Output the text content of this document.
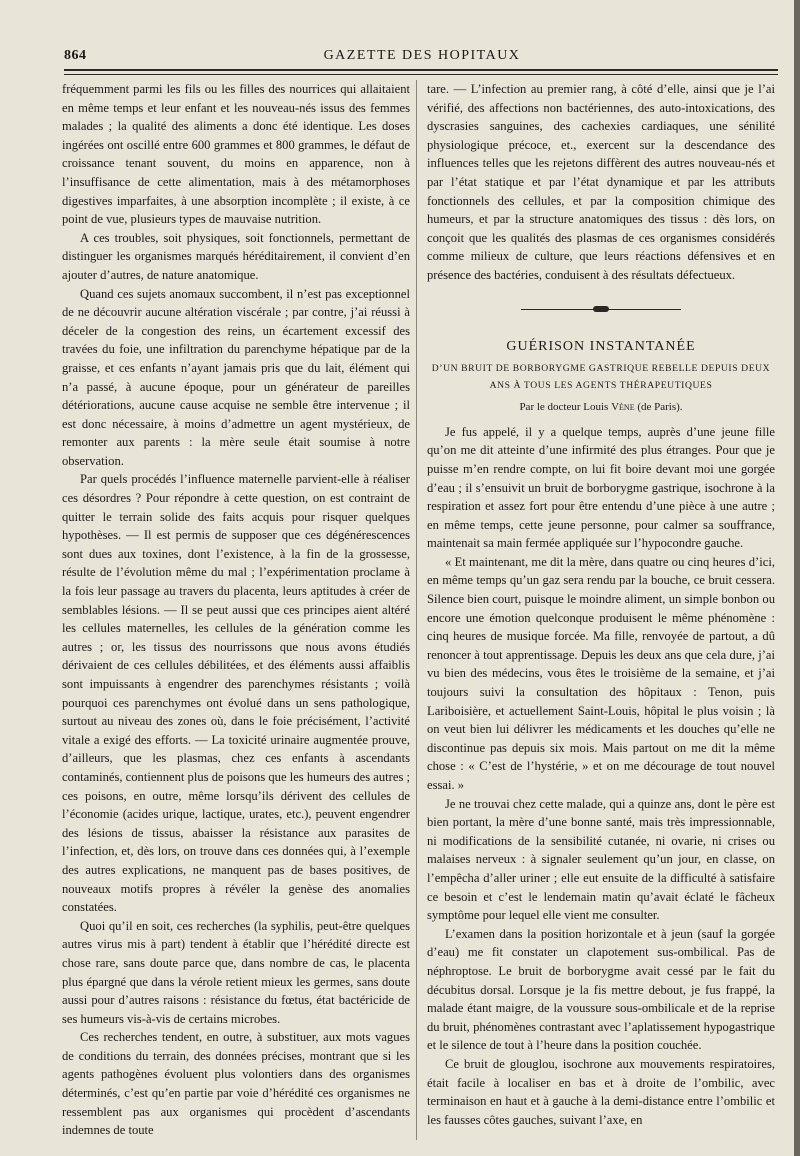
864	GAZETTE DES HOPITAUX

fréquemment parmi les fils ou les filles des nourrices qui allaitaient en même temps et leur enfant et les nouveau-nés issus des femmes malades ; la qualité des aliments a donc été identique. Les doses ingérées ont oscillé entre 600 grammes et 800 grammes, le défaut de croissance tenant souvent, du moins en apparence, non à l’insuffisance de cette alimentation, mais à des métamorphoses digestives imparfaites, à une absorption incomplète ; il existe, à ce point de vue, plusieurs types de mauvaise nutrition.

A ces troubles, soit physiques, soit fonctionnels, permettant de distinguer les organismes marqués héréditairement, il convient d’en ajouter d’autres, de nature anatomique.

Quand ces sujets anomaux succombent, il n’est pas exceptionnel de ne découvrir aucune altération viscérale ; par contre, j’ai réussi à déceler de la congestion des reins, un écartement excessif des travées du foie, une infiltration du parenchyme hépatique par de la graisse, et ces enfants n’ayant jamais pris que du lait, élément qui n’a passé, à aucune époque, pour un générateur de pareilles détériorations, aucune cause acquise ne semble être intervenue ; il est donc nécessaire, à moins d’admettre un agent mystérieux, de remonter aux parents : la mère seule était soumise à notre observation.

Par quels procédés l’influence maternelle parvient-elle à réaliser ces désordres ? Pour répondre à cette question, on est contraint de quitter le terrain solide des faits acquis pour risquer quelques hypothèses. — Il est permis de supposer que ces dégénérescences sont dues aux toxines, dont l’existence, à la fin de la grossesse, résulte de l’évolution même du mal ; l’expérimentation proclame à la fois leur passage au travers du placenta, leurs aptitudes à créer de semblables lésions. — Il se peut aussi que ces principes aient altéré les cellules maternelles, les cellules de la génération comme les autres ; or, les tissus des nourrissons que nous avons étudiés dérivaient de ces cellules débilitées, et des éléments aussi affaiblis sont impuissants à engendrer des parenchymes résistants ; voilà pourquoi ces parenchymes ont évolué dans un sens pathologique, surtout au niveau des zones où, dans le foie précisément, l’activité vitale a exigé des efforts. — La toxicité urinaire augmentée prouve, d’ailleurs, que les plasmas, chez ces enfants à ascendants contaminés, contiennent plus de poisons que les humeurs des autres ; ces poisons, en outre, même lorsqu’ils dérivent des cellules de l’économie (acides urique, lactique, urates, etc.), peuvent engendrer des lésions de tissus, abaisser la résistance aux parasites de l’infection, et, dès lors, on trouve dans ces données qui, à l’exemple des autres explications, ne manquent pas de bases positives, de nouveaux motifs propres à révéler la genèse des anomalies constatées.

Quoi qu’il en soit, ces recherches (la syphilis, peut-être quelques autres virus mis à part) tendent à établir que l’hérédité directe est chose rare, sans doute parce que, dans nombre de cas, le placenta plus épargné que dans la vérole retient mieux les germes, sans doute aussi pour d’autres raisons : résistance du fœtus, état bactéricide de ses humeurs vis-à-vis de certains microbes.

Ces recherches tendent, en outre, à substituer, aux mots vagues de conditions du terrain, des données précises, montrant que si les agents pathogènes évoluent plus volontiers dans des organismes déterminés, c’est qu’en partie par voie d’hérédité ces organismes ne ressemblent pas aux organismes qui procèdent d’ascendants indemnes de toute

tare. — L’infection au premier rang, à côté d’elle, ainsi que je l’ai vérifié, des affections non bactériennes, des auto-intoxications, des dyscrasies sanguines, des cachexies cardiaques, une sénilité physiologique précoce, et., exercent sur la descendance des influences telles que les rejetons diffèrent des autres nouveau-nés et par l’état statique et par l’état dynamique et par les attributs fonctionnels des cellules, et par la composition chimique des humeurs, et par la structure anatomiques des tissus : dès lors, on conçoit que les qualités des plasmas de ces organismes considérés comme milieux de culture, que leurs réactions défensives et en présence des bactéries, conduisent à des résultats défectueux.

GUÉRISON INSTANTANÉE
D’UN BRUIT DE BORBORYGME GASTRIQUE REBELLE DEPUIS DEUX ANS À TOUS LES AGENTS THÉRAPEUTIQUES
Par le docteur Louis Vène (de Paris).

Je fus appelé, il y a quelque temps, auprès d’une jeune fille qu’on me dit atteinte d’une infirmité des plus étranges. Pour que je puisse m’en rendre compte, on lui fit boire devant moi une gorgée d’eau ; il s’ensuivit un bruit de borborygme gastrique, isochrone à la respiration et assez fort pour être entendu d’une pièce à une autre ; en même temps, cette jeune personne, pour calmer sa souffrance, maintenait sa main fermée appliquée sur l’hypocondre gauche.

« Et maintenant, me dit la mère, dans quatre ou cinq heures d’ici, en même temps qu’un gaz sera rendu par la bouche, ce bruit cessera. Silence bien court, puisque le moindre aliment, un simple bonbon ou encore une émotion quelconque produisent le même phénomène : cinq heures de musique forcée. Ma fille, renvoyée de partout, a dû renoncer à tout apprentissage. Depuis les deux ans que cela dure, j’ai vu bien des médecins, vous êtes le troisième de la semaine, et j’ai toujours suivi la consultation des hôpitaux : Tenon, puis Lariboisière, et actuellement Saint-Louis, hôpital le plus voisin ; là on veut bien lui délivrer les médicaments et les douches qu’elle ne discontinue pas depuis six mois. Mais partout on me dit la même chose : « C’est de l’hystérie, » et on me décourage de tout nouvel essai. »

Je ne trouvai chez cette malade, qui a quinze ans, dont le père est bien portant, la mère d’une bonne santé, mais très impressionnable, ni modifications de la sensibilité cutanée, ni ovarie, ni crises ou malaises nerveux : à signaler seulement qu’un jour, en classe, on l’empêcha d’aller uriner ; elle eut ensuite de la difficulté à satisfaire ce besoin et c’est le lendemain matin qu’avait éclaté le fâcheux symptôme pour lequel elle vient me consulter.

L’examen dans la position horizontale et à jeun (sauf la gorgée d’eau) me fit constater un clapotement sus-ombilical. Pas de néphroptose. Le bruit de borborygme avait cessé par le fait du décubitus dorsal. Lorsque je la fis mettre debout, je fus frappé, la malade étant maigre, de la voussure sous-ombilicale et de la reprise du bruit, phénomènes contrastant avec l’aplatissement hypogastrique et le silence de tout à l’heure dans la position couchée.

Ce bruit de glouglou, isochrone aux mouvements respiratoires, était facile à localiser en bas et à droite de l’ombilic, avec terminaison en haut et à gauche à la demi-distance entre l’ombilic et les fausses côtes gauches, suivant l’axe, en
